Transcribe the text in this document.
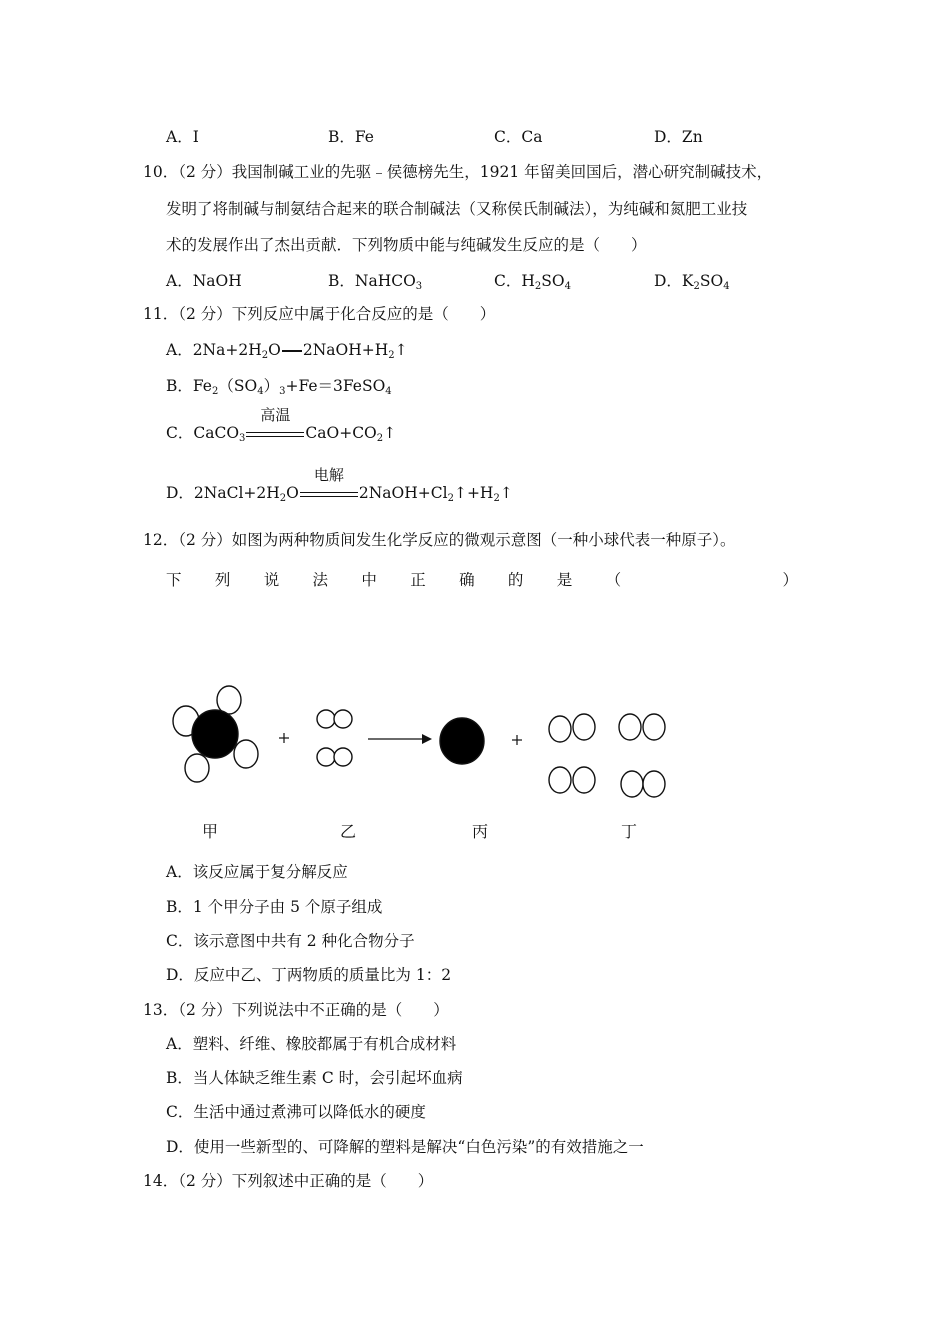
A．I	B．Fe	C．Ca	D．Zn
10．（2 分）我国制碱工业的先驱﹣侯德榜先生，1921 年留美回国后，潜心研究制碱技术，
发明了将制碱与制氨结合起来的联合制碱法（又称侯氏制碱法），为纯碱和氮肥工业技
术的发展作出了杰出贡献．下列物质中能与纯碱发生反应的是（　　）
A．NaOH	B．NaHCO$_3$	C．$H_2SO_4$	D．$K_2SO_4$
11．（2 分）下列反应中属于化合反应的是（　　）
A．$2Na+2H_2O$ $2NaOH+H_2↑$
B．$Fe_2(SO_4)_3+Fe=3FeSO_4$
C．CaCO$_3$
高温
$CaO+CO_2↑$
D．$2NaCl+2H_2O$
电解
$2NaOH+Cl_2↑+H_2↑$
12．（2 分）如图为两种物质间发生化学反应的微观示意图（一种小球代表一种原子）。
下 列 说 法 中 正 确 的 是 （	）
甲	乙	丙	丁
A．该反应属于复分解反应
B．1 个甲分子由 5 个原子组成
C．该示意图中共有 2 种化合物分子
D．反应中乙、丁两物质的质量比为 1：2
13．（2 分）下列说法中不正确的是（　　）
A．塑料、纤维、橡胶都属于有机合成材料
B．当人体缺乏维生素 C 时，会引起坏血病
C．生活中通过煮沸可以降低水的硬度
D．使用一些新型的、可降解的塑料是解决“白色污染”的有效措施之一
14．（2 分）下列叙述中正确的是（　　）
